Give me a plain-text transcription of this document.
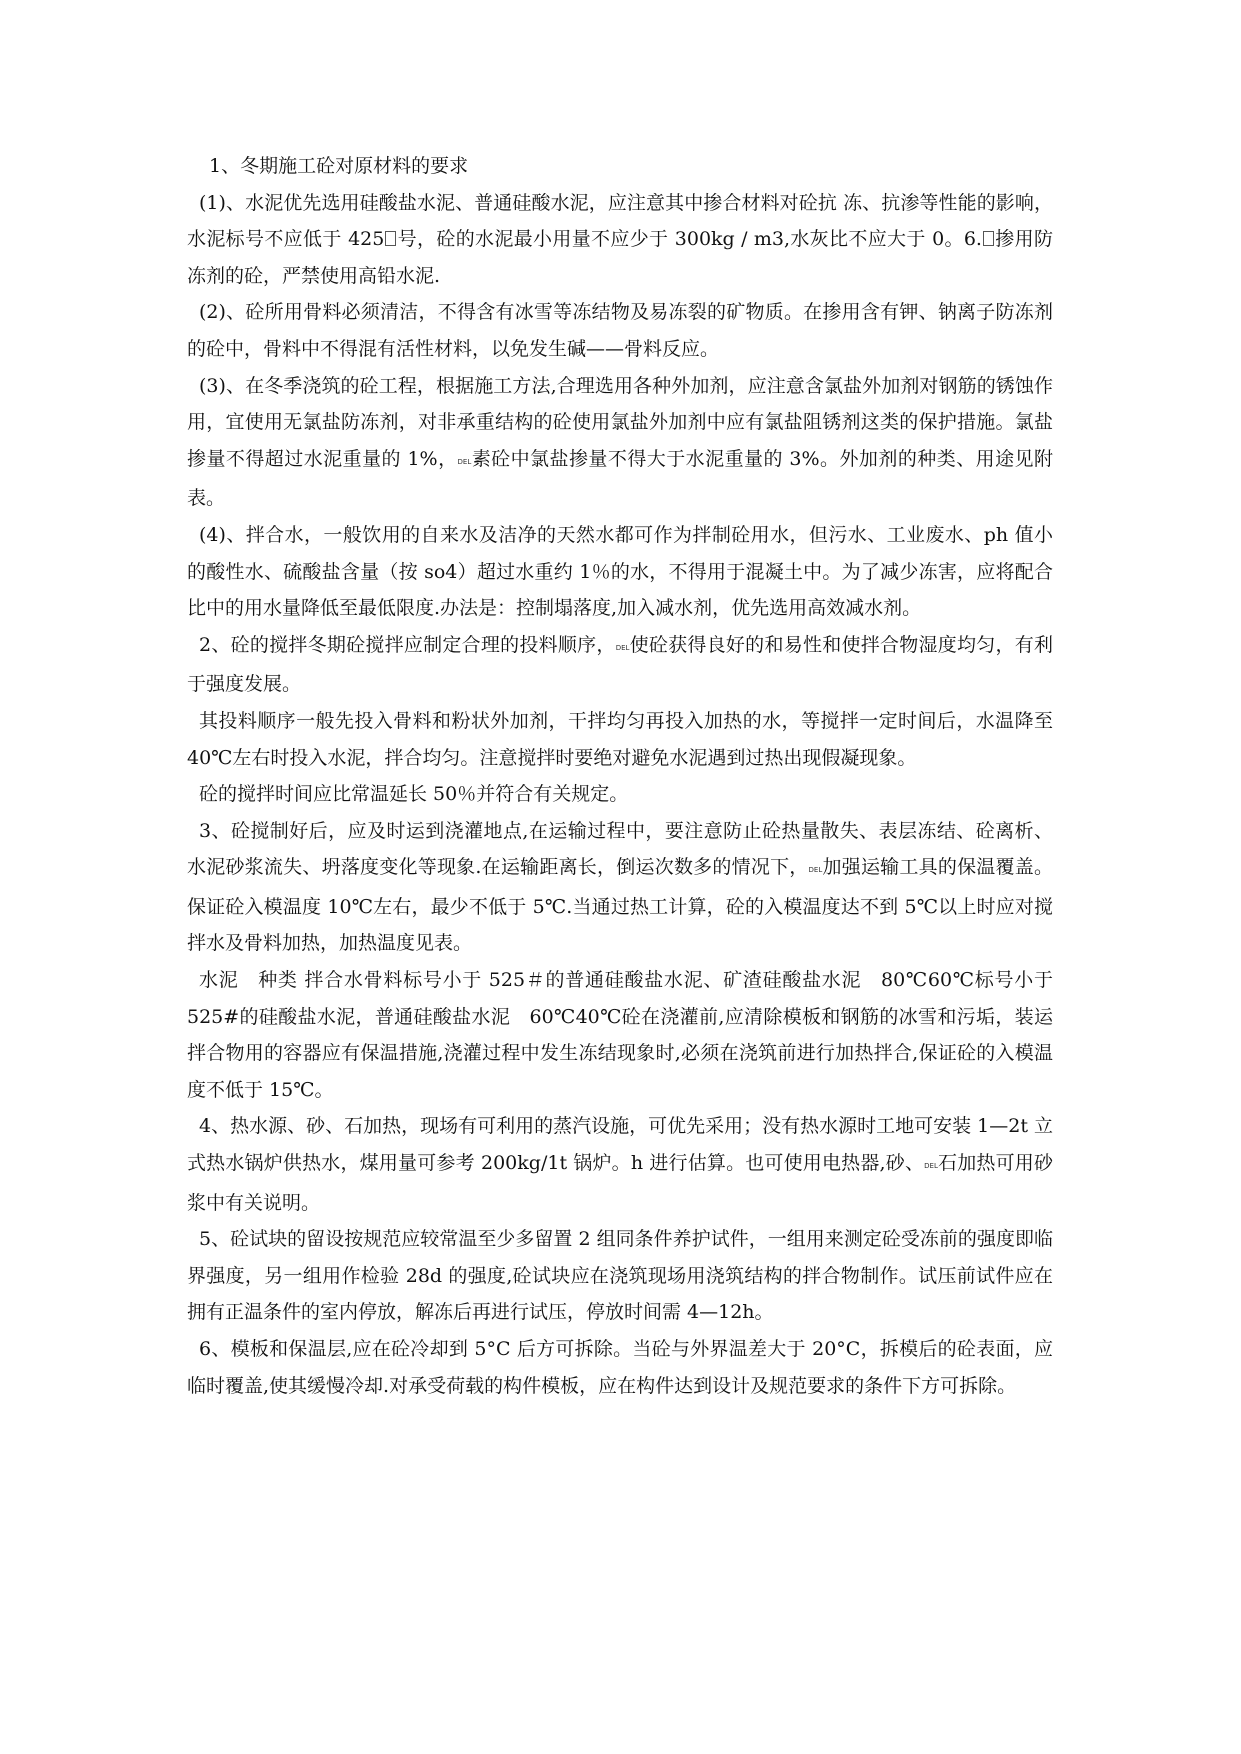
1、冬期施工砼对原材料的要求

(1)、水泥优先选用硅酸盐水泥、普通硅酸水泥，应注意其中掺合材料对砼抗 冻、抗渗等性能的影响，水泥标号不应低于 425 号，砼的水泥最小用量不应少于 300kg / m3,水灰比不应大于 0。6. 掺用防冻剂的砼，严禁使用高铅水泥.

(2)、砼所用骨料必须清洁，不得含有冰雪等冻结物及易冻裂的矿物质。在掺用含有钾、钠离子防冻剂的砼中，骨料中不得混有活性材料，以免发生碱——骨料反应。

(3)、在冬季浇筑的砼工程，根据施工方法,合理选用各种外加剂，应注意含氯盐外加剂对钢筋的锈蚀作用，宜使用无氯盐防冻剂，对非承重结构的砼使用氯盐外加剂中应有氯盐阻锈剂这类的保护措施。氯盐掺量不得超过水泥重量的 1%，DEL素砼中氯盐掺量不得大于水泥重量的 3%。外加剂的种类、用途见附表。

(4)、拌合水，一般饮用的自来水及洁净的天然水都可作为拌制砼用水，但污水、工业废水、ph 值小的酸性水、硫酸盐含量（按 so4）超过水重约 1％的水，不得用于混凝土中。为了减少冻害，应将配合比中的用水量降低至最低限度.办法是：控制塌落度,加入减水剂，优先选用高效减水剂。

2、砼的搅拌冬期砼搅拌应制定合理的投料顺序，DEL使砼获得良好的和易性和使拌合物湿度均匀，有利于强度发展。

其投料顺序一般先投入骨料和粉状外加剂，干拌均匀再投入加热的水，等搅拌一定时间后，水温降至 40℃左右时投入水泥，拌合均匀。注意搅拌时要绝对避免水泥遇到过热出现假凝现象。

砼的搅拌时间应比常温延长 50％并符合有关规定。

3、砼搅制好后，应及时运到浇灌地点,在运输过程中，要注意防止砼热量散失、表层冻结、砼离析、水泥砂浆流失、坍落度变化等现象.在运输距离长，倒运次数多的情况下，DEL加强运输工具的保温覆盖。保证砼入模温度 10℃左右，最少不低于 5℃.当通过热工计算，砼的入模温度达不到 5℃以上时应对搅拌水及骨料加热，加热温度见表。

水泥　种类 拌合水骨料标号小于 525＃的普通硅酸盐水泥、矿渣硅酸盐水泥　80℃60℃标号小于 525#的硅酸盐水泥，普通硅酸盐水泥　60℃40℃砼在浇灌前,应清除模板和钢筋的冰雪和污垢，装运拌合物用的容器应有保温措施,浇灌过程中发生冻结现象时,必须在浇筑前进行加热拌合,保证砼的入模温度不低于 15℃。

4、热水源、砂、石加热，现场有可利用的蒸汽设施，可优先采用；没有热水源时工地可安装 1—2t 立式热水锅炉供热水，煤用量可参考 200kg/1t 锅炉。h 进行估算。也可使用电热器,砂、DEL石加热可用砂浆中有关说明。

5、砼试块的留设按规范应较常温至少多留置 2 组同条件养护试件，一组用来测定砼受冻前的强度即临界强度，另一组用作检验 28d 的强度,砼试块应在浇筑现场用浇筑结构的拌合物制作。试压前试件应在拥有正温条件的室内停放，解冻后再进行试压，停放时间需 4—12h。

6、模板和保温层,应在砼冷却到 5°C 后方可拆除。当砼与外界温差大于 20°C，拆模后的砼表面，应临时覆盖,使其缓慢冷却.对承受荷载的构件模板，应在构件达到设计及规范要求的条件下方可拆除。
